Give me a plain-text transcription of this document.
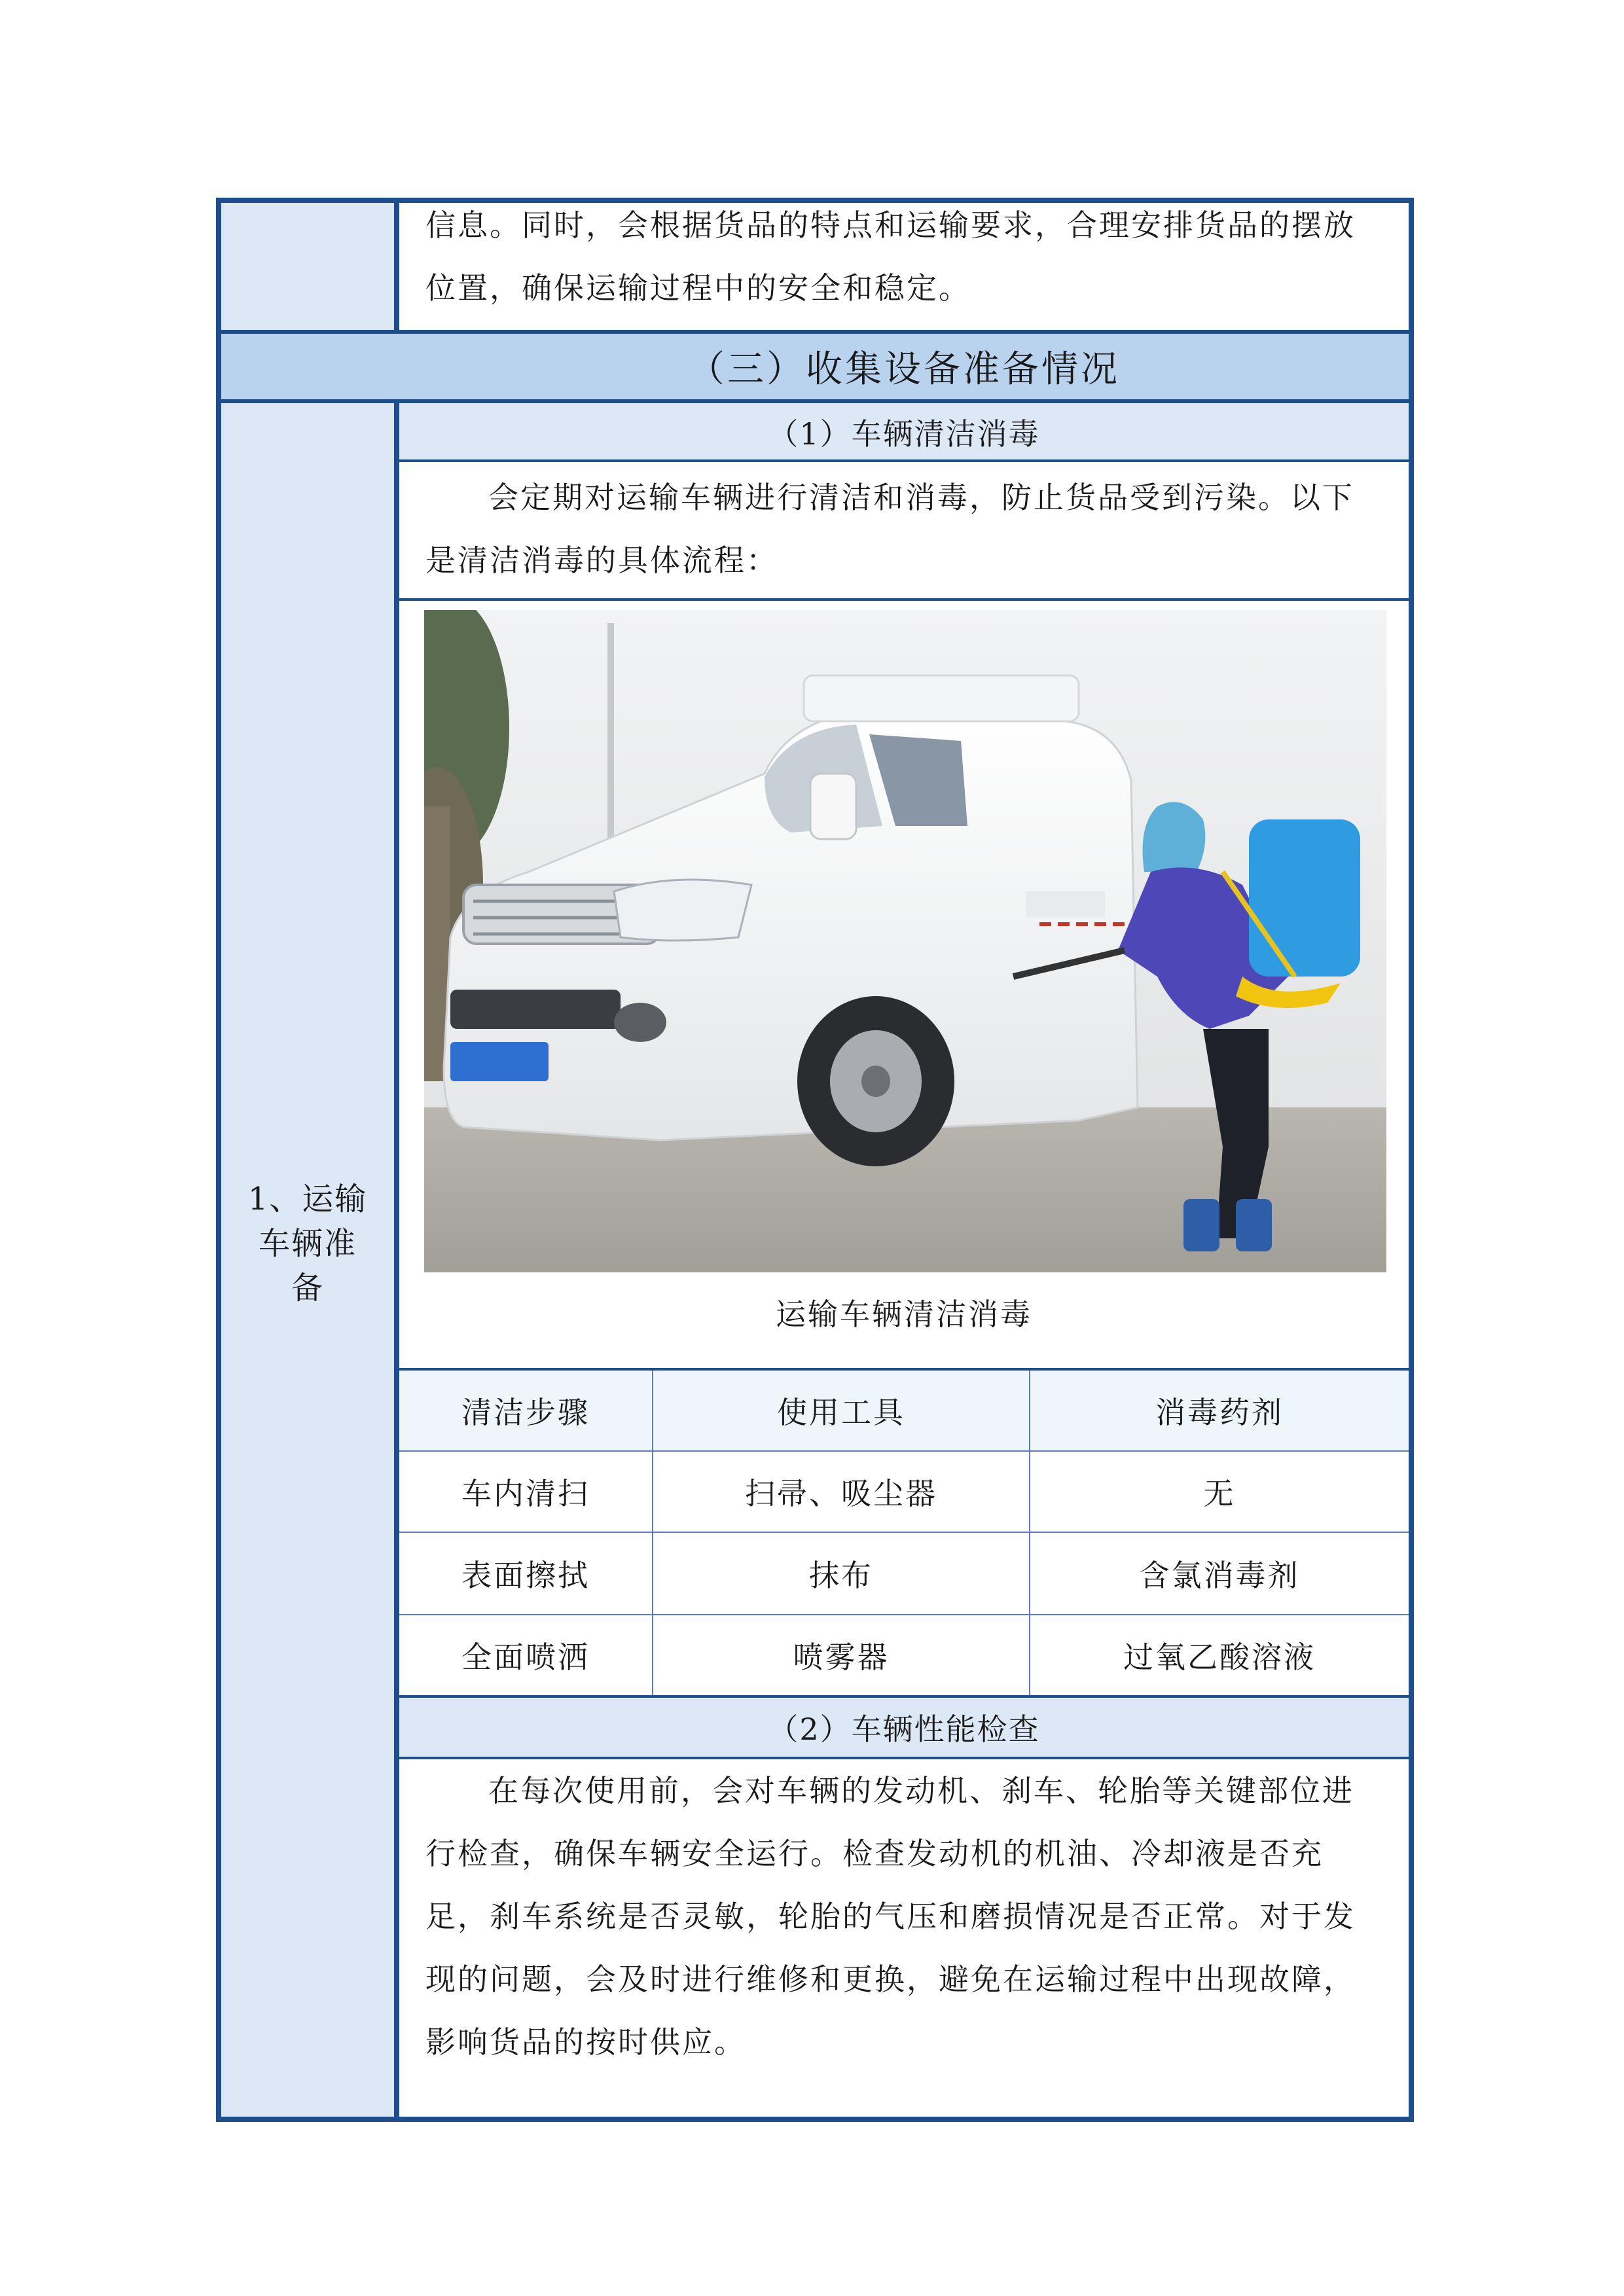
信息。同时，会根据货品的特点和运输要求，合理安排货品的摆放
位置，确保运输过程中的安全和稳定。
（三）收集设备准备情况
1、运输
车辆准
备
（1）车辆清洁消毒
会定期对运输车辆进行清洁和消毒，防止货品受到污染。以下
是清洁消毒的具体流程：
运输车辆清洁消毒
清洁步骤	使用工具	消毒药剂
车内清扫	扫帚、吸尘器	无
表面擦拭	抹布	含氯消毒剂
全面喷洒	喷雾器	过氧乙酸溶液
（2）车辆性能检查
在每次使用前，会对车辆的发动机、刹车、轮胎等关键部位进
行检查，确保车辆安全运行。检查发动机的机油、冷却液是否充
足，刹车系统是否灵敏，轮胎的气压和磨损情况是否正常。对于发
现的问题，会及时进行维修和更换，避免在运输过程中出现故障，
影响货品的按时供应。
